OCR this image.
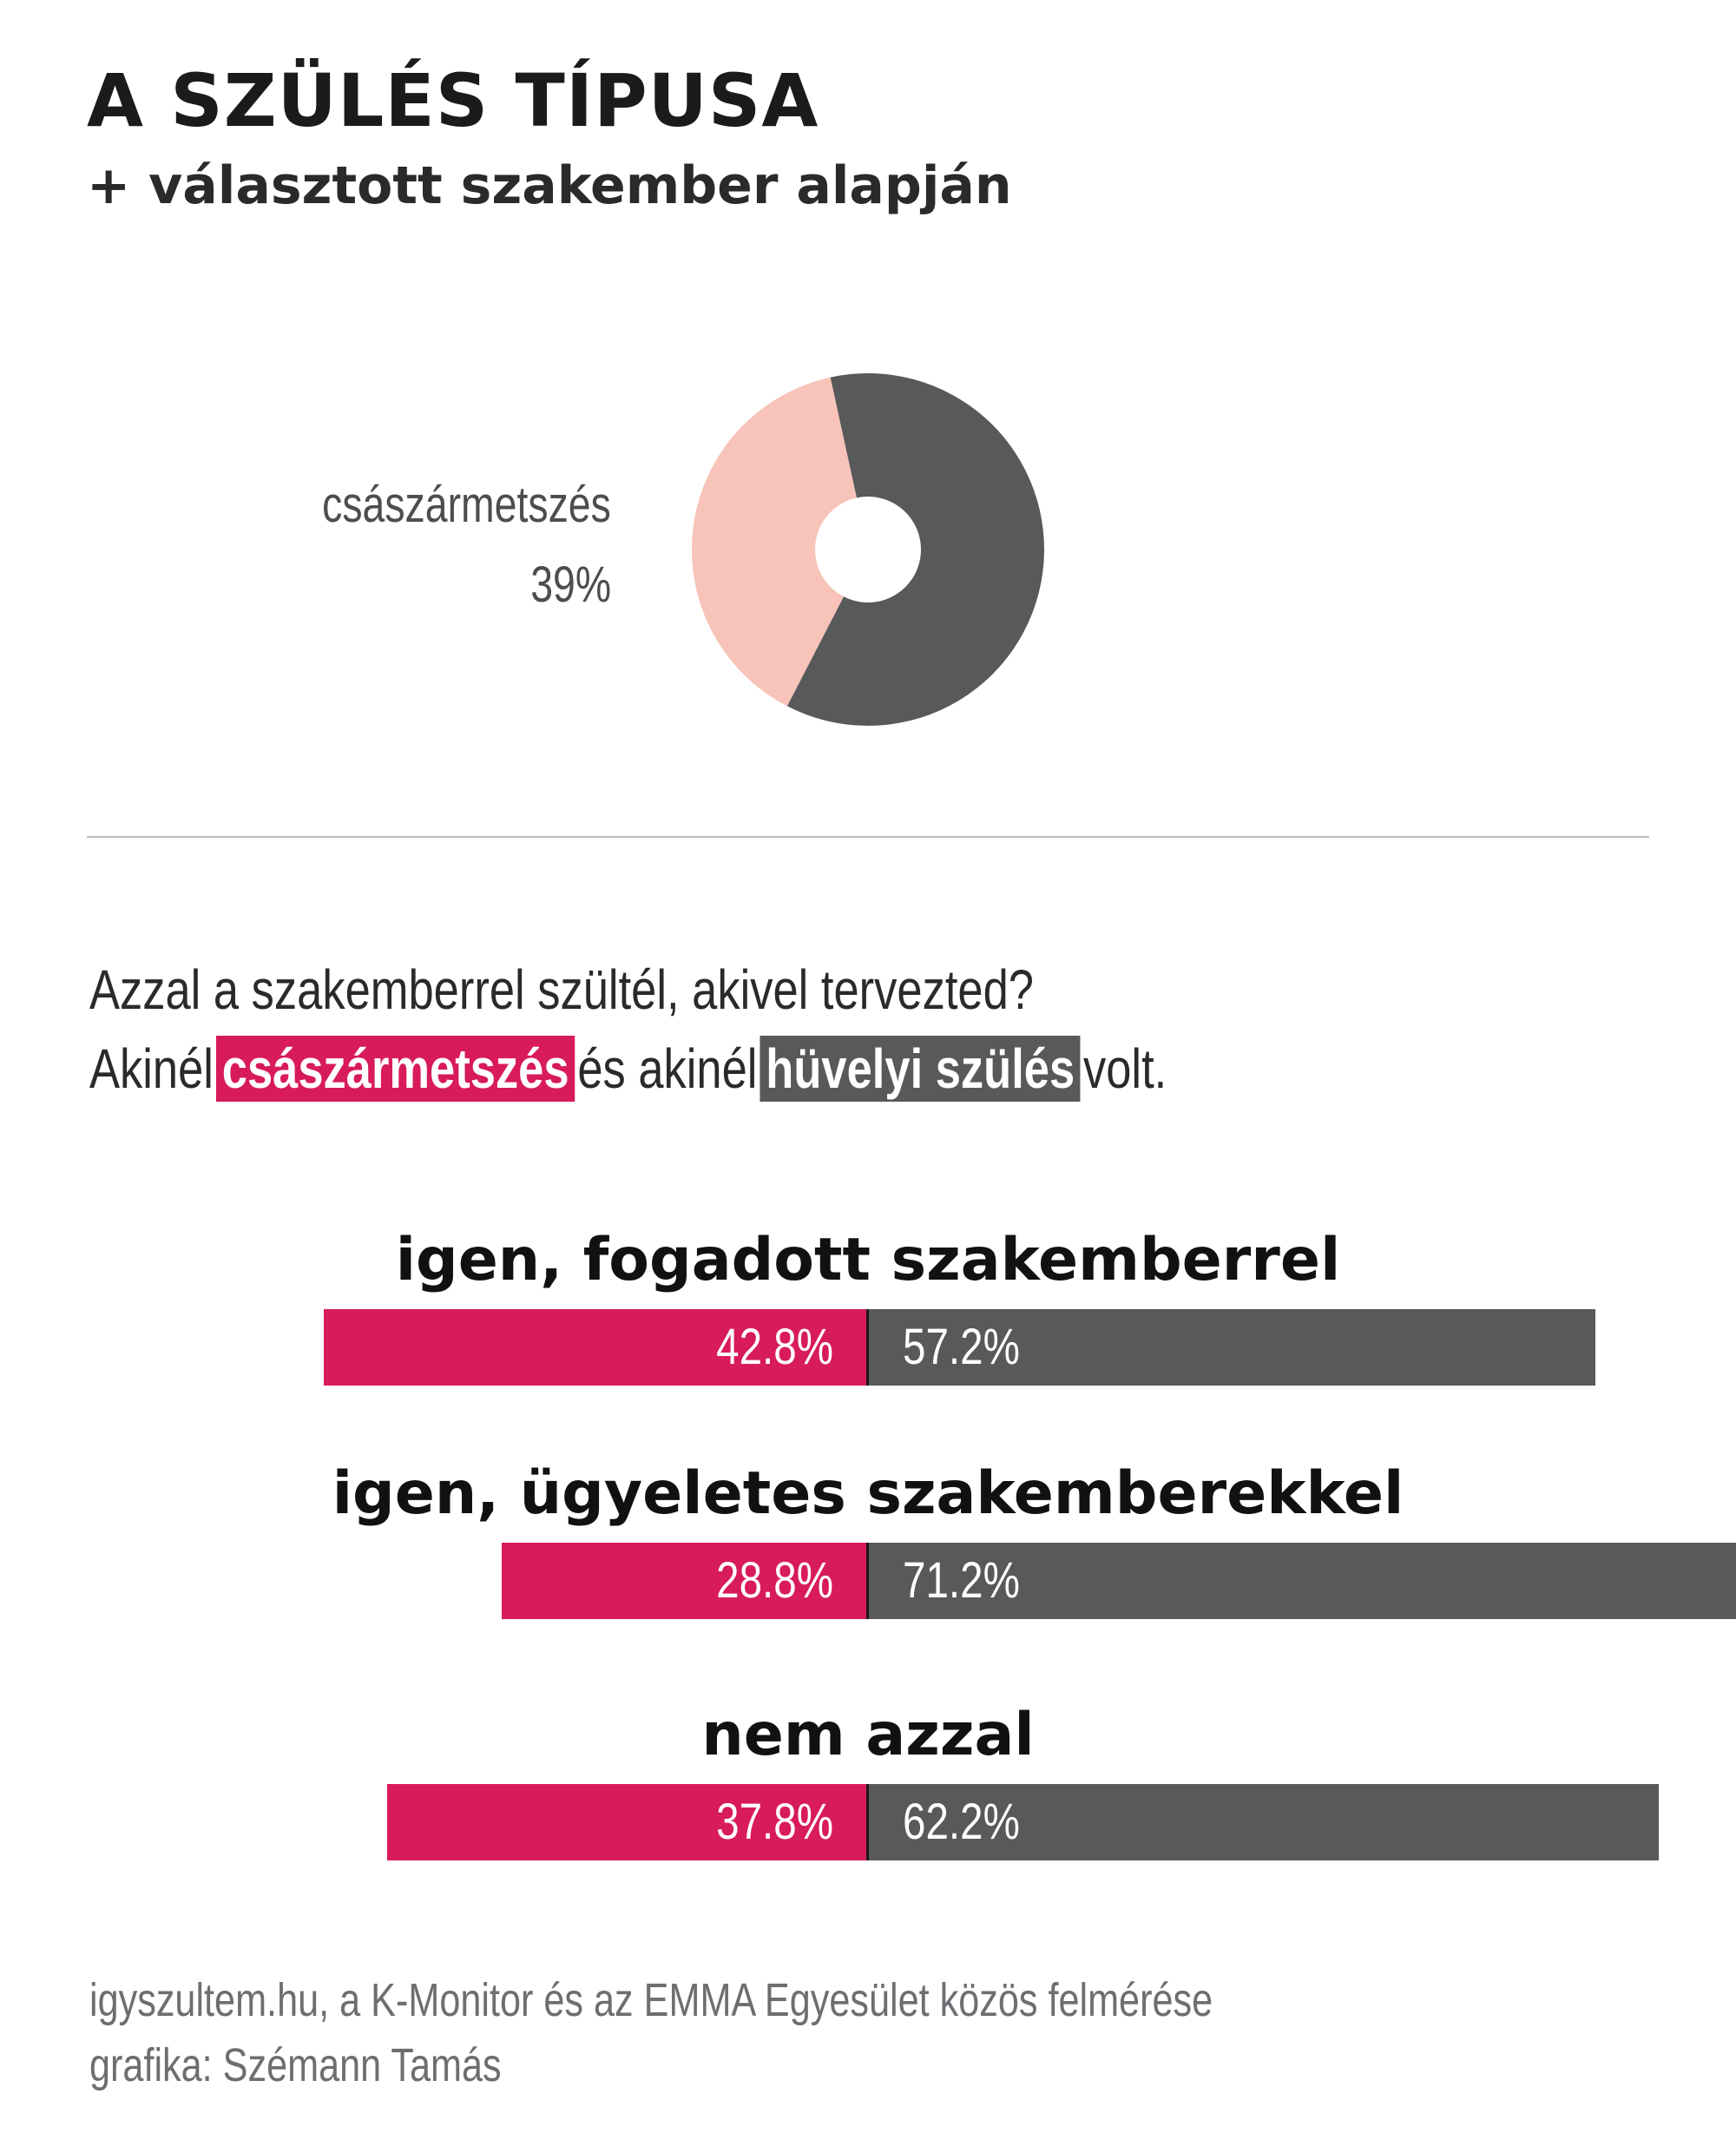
A SZÜLÉS TÍPUSA
+ választott szakember alapján
császármetszés
39%
Azzal a szakemberrel szültél, akivel tervezted?
Akinél császármetszés és akinél hüvelyi szülés volt.
igen, fogadott szakemberrel
42.8% 57.2%
igen, ügyeletes szakemberekkel
28.8% 71.2%
nem azzal
37.8% 62.2%
igyszultem.hu, a K-Monitor és az EMMA Egyesület közös felmérése
grafika: Szémann Tamás
